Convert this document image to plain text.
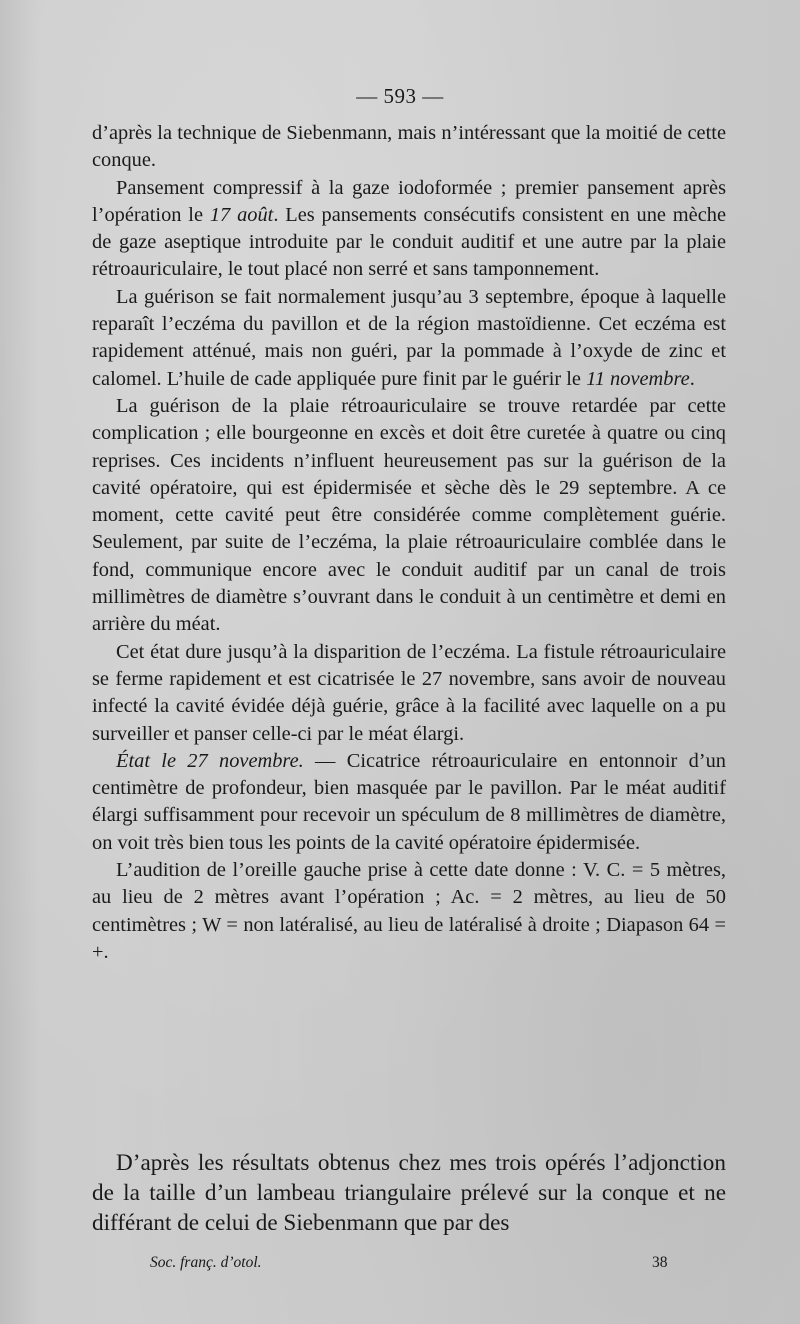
— 593 —

d’après la technique de Siebenmann, mais n’intéressant que la moitié de cette conque.

Pansement compressif à la gaze iodoformée ; premier pansement après l’opération le 17 août. Les pansements consécutifs consistent en une mèche de gaze aseptique introduite par le conduit auditif et une autre par la plaie rétroauriculaire, le tout placé non serré et sans tamponnement.

La guérison se fait normalement jusqu’au 3 septembre, époque à laquelle reparaît l’eczéma du pavillon et de la région mastoïdienne. Cet eczéma est rapidement atténué, mais non guéri, par la pommade à l’oxyde de zinc et calomel. L’huile de cade appliquée pure finit par le guérir le 11 novembre.

La guérison de la plaie rétroauriculaire se trouve retardée par cette complication ; elle bourgeonne en excès et doit être curetée à quatre ou cinq reprises. Ces incidents n’influent heureusement pas sur la guérison de la cavité opératoire, qui est épidermisée et sèche dès le 29 septembre. A ce moment, cette cavité peut être considérée comme complètement guérie. Seulement, par suite de l’eczéma, la plaie rétroauriculaire comblée dans le fond, communique encore avec le conduit auditif par un canal de trois millimètres de diamètre s’ouvrant dans le conduit à un centimètre et demi en arrière du méat.

Cet état dure jusqu’à la disparition de l’eczéma. La fistule rétroauriculaire se ferme rapidement et est cicatrisée le 27 novembre, sans avoir de nouveau infecté la cavité évidée déjà guérie, grâce à la facilité avec laquelle on a pu surveiller et panser celle-ci par le méat élargi.

État le 27 novembre. — Cicatrice rétroauriculaire en entonnoir d’un centimètre de profondeur, bien masquée par le pavillon. Par le méat auditif élargi suffisamment pour recevoir un spéculum de 8 millimètres de diamètre, on voit très bien tous les points de la cavité opératoire épidermisée.

L’audition de l’oreille gauche prise à cette date donne : V. C. = 5 mètres, au lieu de 2 mètres avant l’opération ; Ac. = 2 mètres, au lieu de 50 centimètres ; W = non latéralisé, au lieu de latéralisé à droite ; Diapason 64 = +.

D’après les résultats obtenus chez mes trois opérés l’adjonction de la taille d’un lambeau triangulaire prélevé sur la conque et ne différant de celui de Siebenmann que par des

Soc. franç. d’otol.	38
